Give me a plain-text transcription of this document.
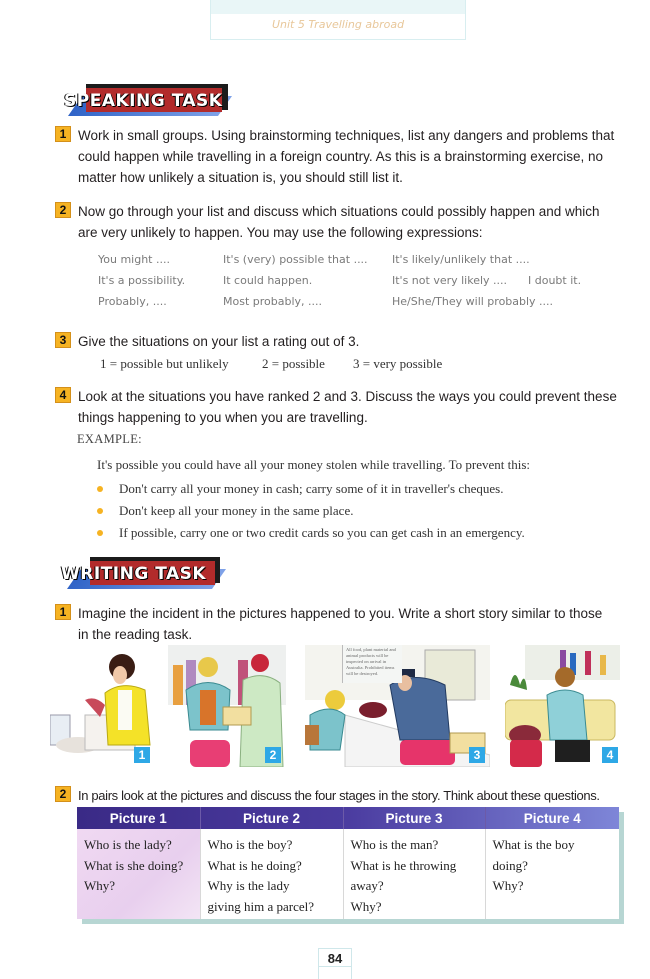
Unit 5 Travelling abroad
SPEAKING TASK
1 Work in small groups. Using brainstorming techniques, list any dangers and problems that
could happen while travelling in a foreign country. As this is a brainstorming exercise, no
matter how unlikely a situation is, you should still list it.
2 Now go through your list and discuss which situations could possibly happen and which
are very unlikely to happen. You may use the following expressions:
You might ....	It's (very) possible that .... It's likely/unlikely that ....
It's a possibility.	It could happen.	It's not very likely .... I doubt it.
Probably, ....	Most probably, ....	He/She/They will probably ....
3 Give the situations on your list a rating out of 3.
1 = possible but unlikely	2 = possible 3 = very possible
4 Look at the situations you have ranked 2 and 3. Discuss the ways you could prevent these
things happening to you when you are travelling.
EXAMPLE:
It's possible you could have all your money stolen while travelling. To prevent this:
Don't carry all your money in cash; carry some of it in traveller's cheques.
Don't keep all your money in the same place.
If possible, carry one or two credit cards so you can get cash in an emergency.
WRITING TASK
1 Imagine the incident in the pictures happened to you. Write a short story similar to those
in the reading task.
1	2
All food, plant material and animal products will be inspected on arrival in Australia. Prohibited items will be destroyed.
3	4
2 In pairs look at the pictures and discuss the four stages in the story. Think about these questions.
Picture 1	Picture 2	Picture 3	Picture 4

Who is the lady?
What is she doing?
Why?

Who is the boy?
What is he doing?
Why is the lady
giving him a parcel?

Who is the man?
What is he throwing
away?
Why?

What is the boy
doing?
Why?
84
